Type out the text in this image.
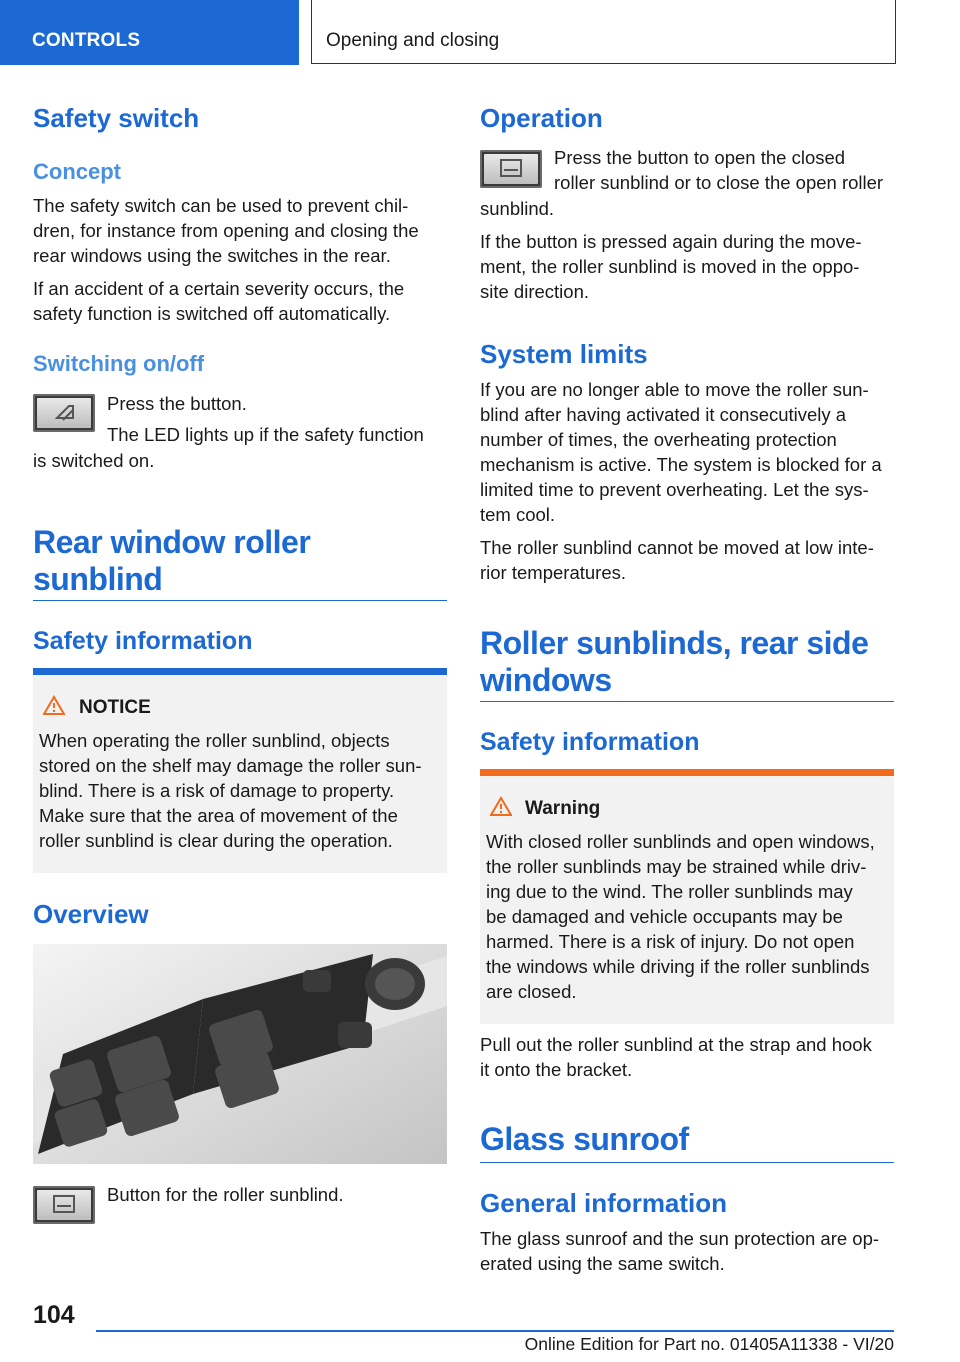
CONTROLS	Opening and closing
Safety switch
Concept

The safety switch can be used to prevent chil-
dren, for instance from opening and closing the
rear windows using the switches in the rear.

If an accident of a certain severity occurs, the
safety function is switched off automatically.

Switching on/off

Press the button.

The LED lights up if the safety function

is switched on.

Rear window roller
sunblind
Safety information
NOTICE

When operating the roller sunblind, objects
stored on the shelf may damage the roller sun-
blind. There is a risk of damage to property.
Make sure that the area of movement of the
roller sunblind is clear during the operation.

Overview

Button for the roller sunblind.

Operation

Press the button to open the closed

roller sunblind or to close the open roller

sunblind.

If the button is pressed again during the move-
ment, the roller sunblind is moved in the oppo-
site direction.

System limits

If you are no longer able to move the roller sun-
blind after having activated it consecutively a
number of times, the overheating protection
mechanism is active. The system is blocked for a
limited time to prevent overheating. Let the sys-
tem cool.

The roller sunblind cannot be moved at low inte-
rior temperatures.

Roller sunblinds, rear side
windows
Safety information
Warning

With closed roller sunblinds and open windows,
the roller sunblinds may be strained while driv-
ing due to the wind. The roller sunblinds may
be damaged and vehicle occupants may be
harmed. There is a risk of injury. Do not open
the windows while driving if the roller sunblinds
are closed.

Pull out the roller sunblind at the strap and hook
it onto the bracket.

Glass sunroof
General information

The glass sunroof and the sun protection are op-
erated using the same switch.

104
Online Edition for Part no. 01405A11338 - VI/20
